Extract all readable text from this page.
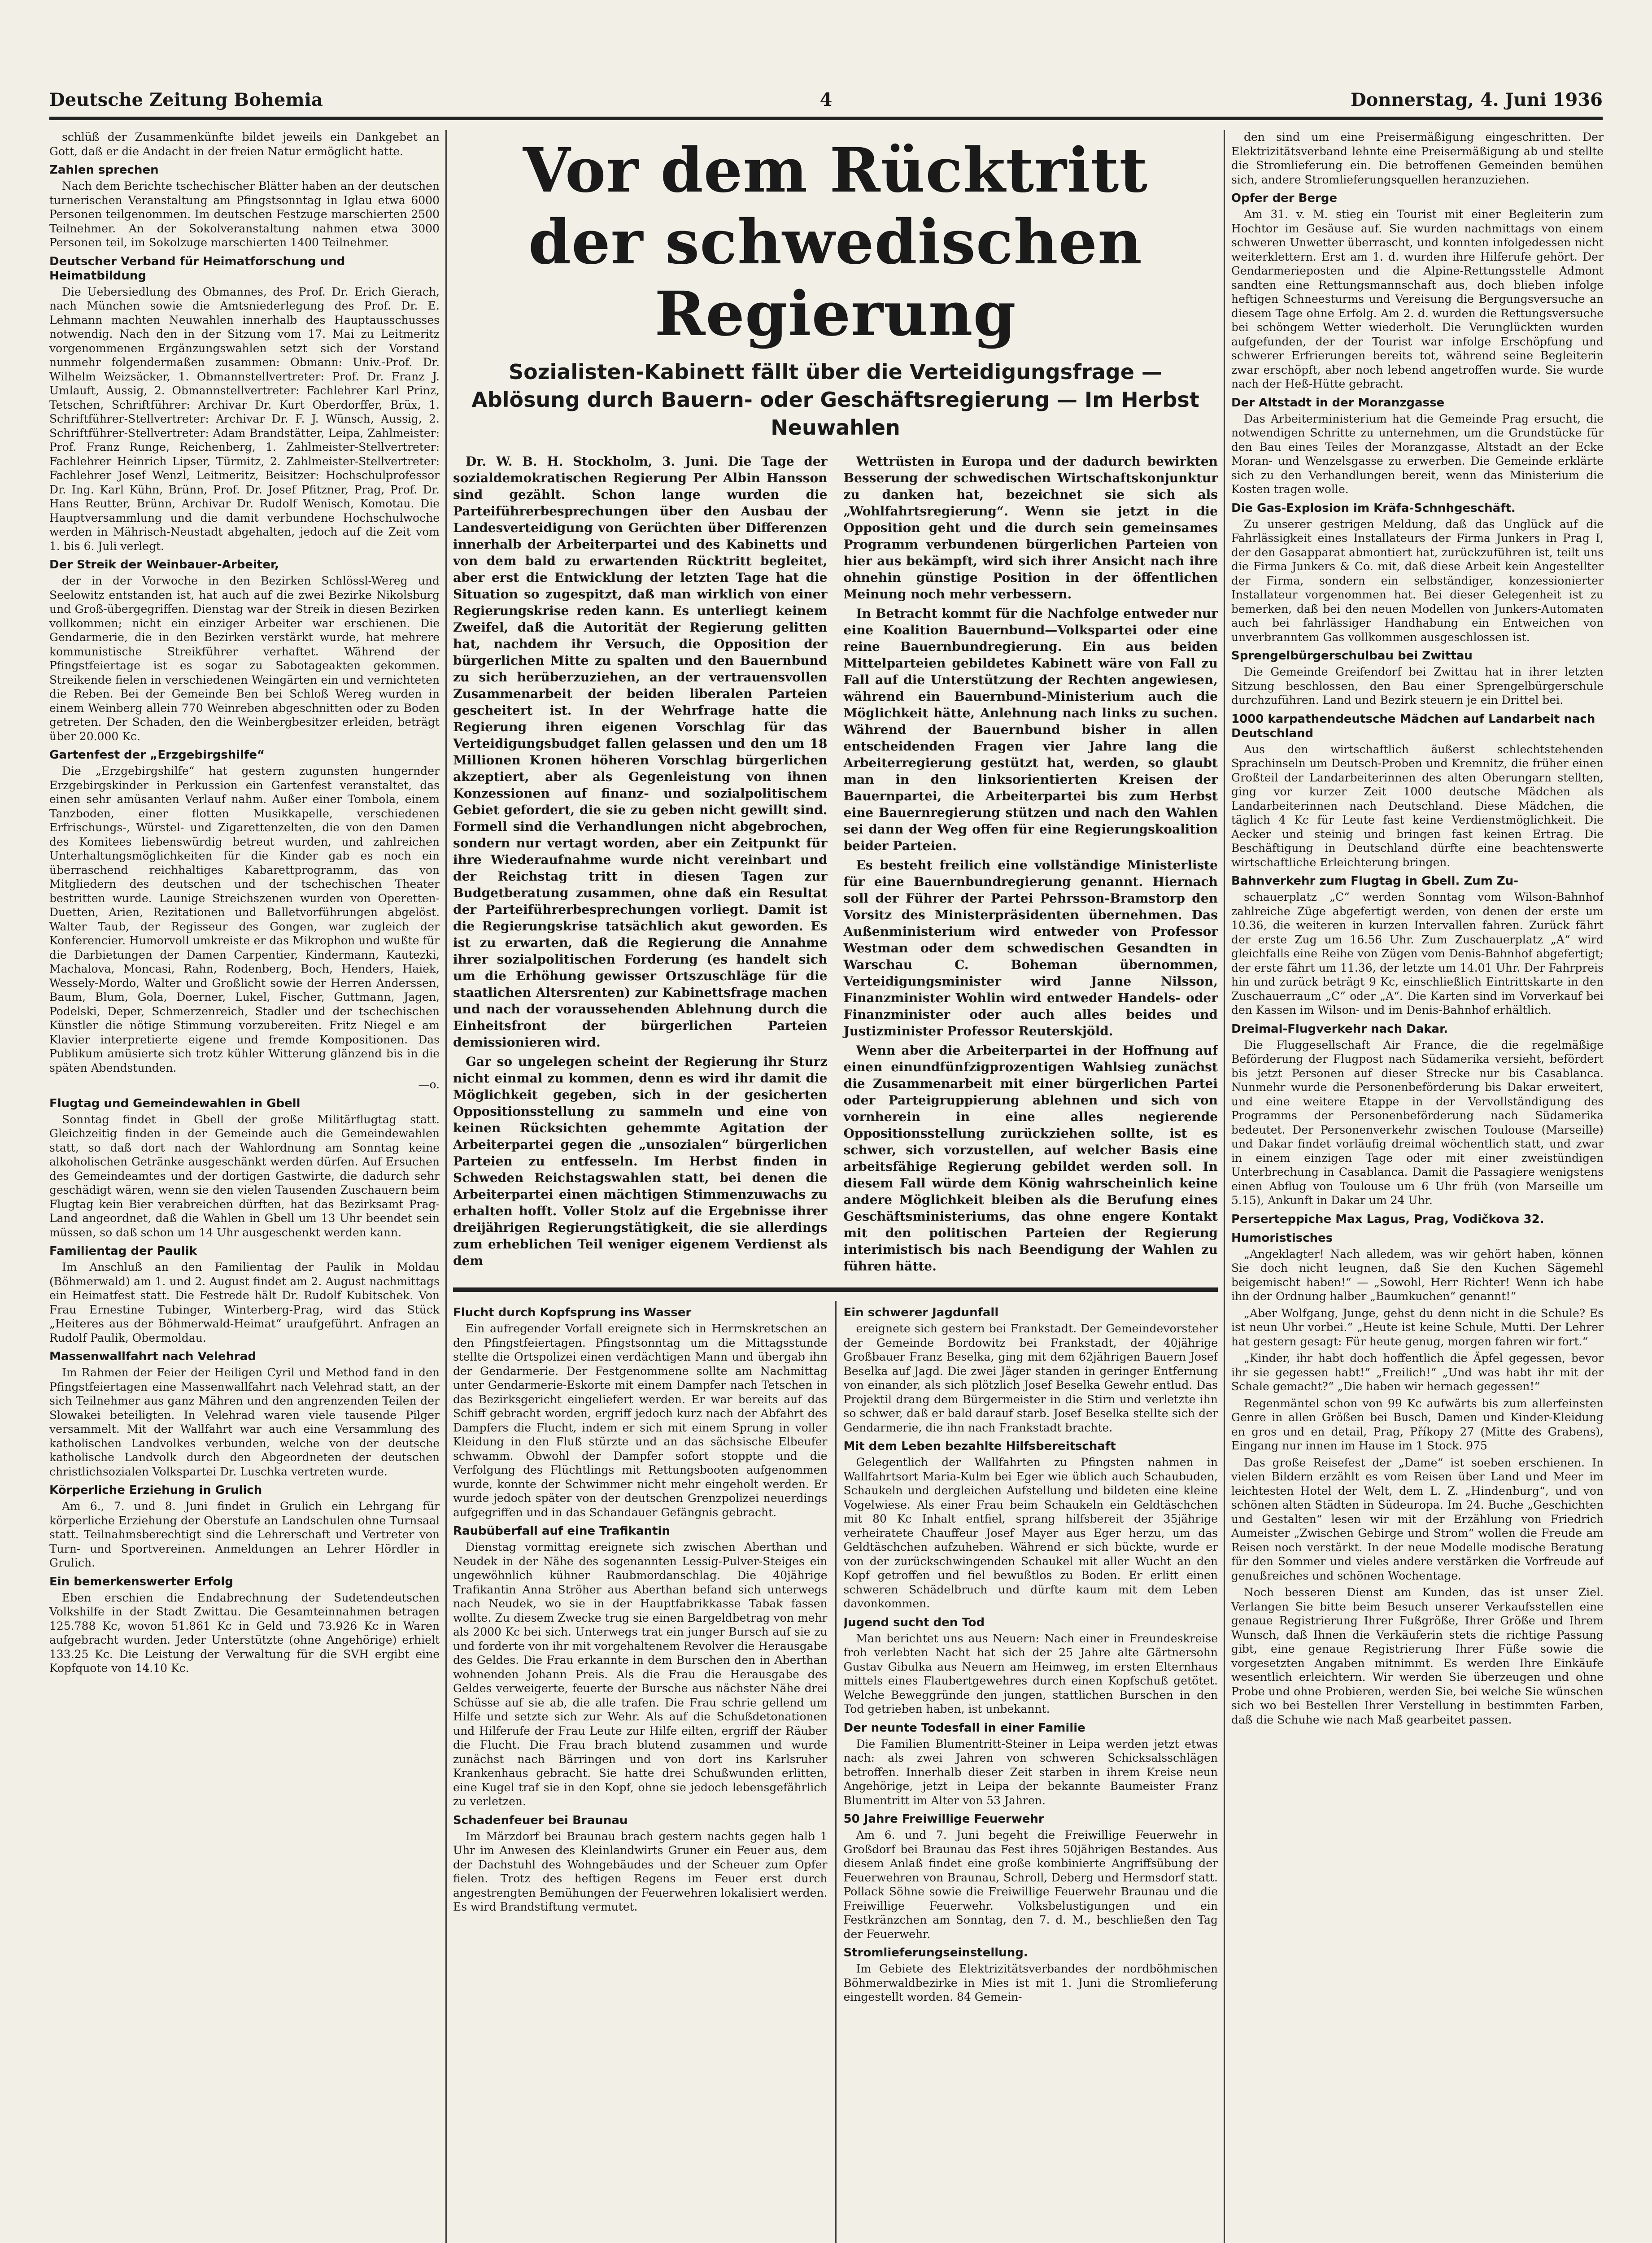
Deutsche Zeitung Bohemia	4	Donnerstag, 4. Juni 1936

schlüß der Zusammenkünfte bildet jeweils ein Dankgebet an Gott, daß er die Andacht in der freien Natur ermöglicht hatte.

Zahlen sprechen

Nach dem Berichte tschechischer Blätter haben an der deutschen turnerischen Veranstaltung am Pfingstsonntag in Iglau etwa 6000 Personen teilgenommen. Im deutschen Festzuge marschierten 2500 Teilnehmer. An der Sokolveranstaltung nahmen etwa 3000 Personen teil, im Sokolzuge marschierten 1400 Teilnehmer.

Deutscher Verband für Heimatforschung und Heimatbildung

Die Uebersiedlung des Obmannes, des Prof. Dr. Erich Gierach, nach München sowie die Amtsniederlegung des Prof. Dr. E. Lehmann machten Neuwahlen innerhalb des Hauptausschusses notwendig. Nach den in der Sitzung vom 17. Mai zu Leitmeritz vorgenommenen Ergänzungswahlen setzt sich der Vorstand nunmehr folgendermaßen zusammen: Obmann: Univ.-Prof. Dr. Wilhelm Weizsäcker, 1. Obmannstellvertreter: Prof. Dr. Franz J. Umlauft, Aussig, 2. Obmannstellvertreter: Fachlehrer Karl Prinz, Tetschen, Schriftführer: Archivar Dr. Kurt Oberdorffer, Brüx, 1. Schriftführer-Stellvertreter: Archivar Dr. F. J. Wünsch, Aussig, 2. Schriftführer-Stellvertreter: Adam Brandstätter, Leipa, Zahlmeister: Prof. Franz Runge, Reichenberg, 1. Zahlmeister-Stellvertreter: Fachlehrer Heinrich Lipser, Türmitz, 2. Zahlmeister-Stellvertreter: Fachlehrer Josef Wenzl, Leitmeritz, Beisitzer: Hochschulprofessor Dr. Ing. Karl Kühn, Brünn, Prof. Dr. Josef Pfitzner, Prag, Prof. Dr. Hans Reutter, Brünn, Archivar Dr. Rudolf Wenisch, Komotau. Die Hauptversammlung und die damit verbundene Hochschulwoche werden in Mährisch-Neustadt abgehalten, jedoch auf die Zeit vom 1. bis 6. Juli verlegt.

Der Streik der Weinbauer-Arbeiter,

der in der Vorwoche in den Bezirken Schlössl-Wereg und Seelowitz entstanden ist, hat auch auf die zwei Bezirke Nikolsburg und Groß-übergegriffen. Dienstag war der Streik in diesen Bezirken vollkommen; nicht ein einziger Arbeiter war erschienen. Die Gendarmerie, die in den Bezirken verstärkt wurde, hat mehrere kommunistische Streikführer verhaftet. Während der Pfingstfeiertage ist es sogar zu Sabotageakten gekommen. Streikende fielen in verschiedenen Weingärten ein und vernichteten die Reben. Bei der Gemeinde Ben bei Schloß Wereg wurden in einem Weinberg allein 770 Weinreben abgeschnitten oder zu Boden getreten. Der Schaden, den die Weinbergbesitzer erleiden, beträgt über 20.000 Kc.

Gartenfest der „Erzgebirgshilfe“

Die „Erzgebirgshilfe“ hat gestern zugunsten hungernder Erzgebirgskinder in Perkussion ein Gartenfest veranstaltet, das einen sehr amüsanten Verlauf nahm. Außer einer Tombola, einem Tanzboden, einer flotten Musikkapelle, verschiedenen Erfrischungs-, Würstel- und Zigarettenzelten, die von den Damen des Komitees liebenswürdig betreut wurden, und zahlreichen Unterhaltungsmöglichkeiten für die Kinder gab es noch ein überraschend reichhaltiges Kabarettprogramm, das von Mitgliedern des deutschen und der tschechischen Theater bestritten wurde. Launige Streichszenen wurden von Operetten-Duetten, Arien, Rezitationen und Balletvorführungen abgelöst. Walter Taub, der Regisseur des Gongen, war zugleich der Konferencier. Humorvoll umkreiste er das Mikrophon und wußte für die Darbietungen der Damen Carpentier, Kindermann, Kautezki, Machalova, Moncasi, Rahn, Rodenberg, Boch, Henders, Haiek, Wessely-Mordo, Walter und Großlicht sowie der Herren Anderssen, Baum, Blum, Gola, Doerner, Lukel, Fischer, Guttmann, Jagen, Podelski, Deper, Schmerzenreich, Stadler und der tschechischen Künstler die nötige Stimmung vorzubereiten. Fritz Niegel e am Klavier interpretierte eigene und fremde Kompositionen. Das Publikum amüsierte sich trotz kühler Witterung glänzend bis in die späten Abendstunden.

—o.

Flugtag und Gemeindewahlen in Gbell

Sonntag findet in Gbell der große Militärflugtag statt. Gleichzeitig finden in der Gemeinde auch die Gemeindewahlen statt, so daß dort nach der Wahlordnung am Sonntag keine alkoholischen Getränke ausgeschänkt werden dürfen. Auf Ersuchen des Gemeindeamtes und der dortigen Gastwirte, die dadurch sehr geschädigt wären, wenn sie den vielen Tausenden Zuschauern beim Flugtag kein Bier verabreichen dürften, hat das Bezirksamt Prag-Land angeordnet, daß die Wahlen in Gbell um 13 Uhr beendet sein müssen, so daß schon um 14 Uhr ausgeschenkt werden kann.

Familientag der Paulik

Im Anschluß an den Familientag der Paulik in Moldau (Böhmerwald) am 1. und 2. August findet am 2. August nachmittags ein Heimatfest statt. Die Festrede hält Dr. Rudolf Kubitschek. Von Frau Ernestine Tubinger, Winterberg-Prag, wird das Stück „Heiteres aus der Böhmerwald-Heimat“ uraufgeführt. Anfragen an Rudolf Paulik, Obermoldau.

Massenwallfahrt nach Velehrad

Im Rahmen der Feier der Heiligen Cyril und Method fand in den Pfingstfeiertagen eine Massenwallfahrt nach Velehrad statt, an der sich Teilnehmer aus ganz Mähren und den angrenzenden Teilen der Slowakei beteiligten. In Velehrad waren viele tausende Pilger versammelt. Mit der Wallfahrt war auch eine Versammlung des katholischen Landvolkes verbunden, welche von der deutsche katholische Landvolk durch den Abgeordneten der deutschen christlichsozialen Volkspartei Dr. Luschka vertreten wurde.

Körperliche Erziehung in Grulich

Am 6., 7. und 8. Juni findet in Grulich ein Lehrgang für körperliche Erziehung der Oberstufe an Landschulen ohne Turnsaal statt. Teilnahmsberechtigt sind die Lehrerschaft und Vertreter von Turn- und Sportvereinen. Anmeldungen an Lehrer Hördler in Grulich.

Ein bemerkenswerter Erfolg

Eben erschien die Endabrechnung der Sudetendeutschen Volkshilfe in der Stadt Zwittau. Die Gesamteinnahmen betragen 125.788 Kc, wovon 51.861 Kc in Geld und 73.926 Kc in Waren aufgebracht wurden. Jeder Unterstützte (ohne Angehörige) erhielt 133.25 Kc. Die Leistung der Verwaltung für die SVH ergibt eine Kopfquote von 14.10 Kc.

Vor dem Rücktritt
der schwedischen Regierung
Sozialisten-Kabinett fällt über die Verteidigungsfrage — Ablösung durch Bauern- oder Geschäftsregierung — Im Herbst Neuwahlen

Dr. W. B. H. Stockholm, 3. Juni. Die Tage der sozialdemokratischen Regierung Per Albin Hansson sind gezählt. Schon lange wurden die Parteiführerbesprechungen über den Ausbau der Landesverteidigung von Gerüchten über Differenzen innerhalb der Arbeiterpartei und des Kabinetts und von dem bald zu erwartenden Rücktritt begleitet, aber erst die Entwicklung der letzten Tage hat die Situation so zugespitzt, daß man wirklich von einer Regierungskrise reden kann. Es unterliegt keinem Zweifel, daß die Autorität der Regierung gelitten hat, nachdem ihr Versuch, die Opposition der bürgerlichen Mitte zu spalten und den Bauernbund zu sich herüberzuziehen, an der vertrauensvollen Zusammenarbeit der beiden liberalen Parteien gescheitert ist. In der Wehrfrage hatte die Regierung ihren eigenen Vorschlag für das Verteidigungsbudget fallen gelassen und den um 18 Millionen Kronen höheren Vorschlag bürgerlichen akzeptiert, aber als Gegenleistung von ihnen Konzessionen auf finanz- und sozialpolitischem Gebiet gefordert, die sie zu geben nicht gewillt sind. Formell sind die Verhandlungen nicht abgebrochen, sondern nur vertagt worden, aber ein Zeitpunkt für ihre Wiederaufnahme wurde nicht vereinbart und der Reichstag tritt in diesen Tagen zur Budgetberatung zusammen, ohne daß ein Resultat der Parteiführerbesprechungen vorliegt. Damit ist die Regierungskrise tatsächlich akut geworden. Es ist zu erwarten, daß die Regierung die Annahme ihrer sozialpolitischen Forderung (es handelt sich um die Erhöhung gewisser Ortszuschläge für die staatlichen Altersrenten) zur Kabinettsfrage machen und nach der voraussehenden Ablehnung durch die Einheitsfront der bürgerlichen Parteien demissionieren wird.

Gar so ungelegen scheint der Regierung ihr Sturz nicht einmal zu kommen, denn es wird ihr damit die Möglichkeit gegeben, sich in der gesicherten Oppositionsstellung zu sammeln und eine von keinen Rücksichten gehemmte Agitation der Arbeiterpartei gegen die „unsozialen“ bürgerlichen Parteien zu entfesseln. Im Herbst finden in Schweden Reichstagswahlen statt, bei denen die Arbeiterpartei einen mächtigen Stimmenzuwachs zu erhalten hofft. Voller Stolz auf die Ergebnisse ihrer dreijährigen Regierungstätigkeit, die sie allerdings zum erheblichen Teil weniger eigenem Verdienst als dem

Wettrüsten in Europa und der dadurch bewirkten Besserung der schwedischen Wirtschaftskonjunktur zu danken hat, bezeichnet sie sich als „Wohlfahrtsregierung“. Wenn sie jetzt in die Opposition geht und die durch sein gemeinsames Programm verbundenen bürgerlichen Parteien von hier aus bekämpft, wird sich ihrer Ansicht nach ihre ohnehin günstige Position in der öffentlichen Meinung noch mehr verbessern.

In Betracht kommt für die Nachfolge entweder nur eine Koalition Bauernbund—Volkspartei oder eine reine Bauernbundregierung. Ein aus beiden Mittelparteien gebildetes Kabinett wäre von Fall zu Fall auf die Unterstützung der Rechten angewiesen, während ein Bauernbund-Ministerium auch die Möglichkeit hätte, Anlehnung nach links zu suchen. Während der Bauernbund bisher in allen entscheidenden Fragen vier Jahre lang die Arbeiterregierung gestützt hat, werden, so glaubt man in den linksorientierten Kreisen der Bauernpartei, die Arbeiterpartei bis zum Herbst eine Bauernregierung stützen und nach den Wahlen sei dann der Weg offen für eine Regierungskoalition beider Parteien.

Es besteht freilich eine vollständige Ministerliste für eine Bauernbundregierung genannt. Hiernach soll der Führer der Partei Pehrsson-Bramstorp den Vorsitz des Ministerpräsidenten übernehmen. Das Außenministerium wird entweder von Professor Westman oder dem schwedischen Gesandten in Warschau C. Boheman übernommen, Verteidigungsminister wird Janne Nilsson, Finanzminister Wohlin wird entweder Handels- oder Finanzminister oder auch alles beides und Justizminister Professor Reuterskjöld.

Wenn aber die Arbeiterpartei in der Hoffnung auf einen einundfünfzigprozentigen Wahlsieg zunächst die Zusammenarbeit mit einer bürgerlichen Partei oder Parteigruppierung ablehnen und sich von vornherein in eine alles negierende Oppositionsstellung zurückziehen sollte, ist es schwer, sich vorzustellen, auf welcher Basis eine arbeitsfähige Regierung gebildet werden soll. In diesem Fall würde dem König wahrscheinlich keine andere Möglichkeit bleiben als die Berufung eines Geschäftsministeriums, das ohne engere Kontakt mit den politischen Parteien der Regierung interimistisch bis nach Beendigung der Wahlen zu führen hätte.

Flucht durch Kopfsprung ins Wasser

Ein aufregender Vorfall ereignete sich in Herrnskretschen an den Pfingstfeiertagen. Pfingstsonntag um die Mittagsstunde stellte die Ortspolizei einen verdächtigen Mann und übergab ihn der Gendarmerie. Der Festgenommene sollte am Nachmittag unter Gendarmerie-Eskorte mit einem Dampfer nach Tetschen in das Bezirksgericht eingeliefert werden. Er war bereits auf das Schiff gebracht worden, ergriff jedoch kurz nach der Abfahrt des Dampfers die Flucht, indem er sich mit einem Sprung in voller Kleidung in den Fluß stürzte und an das sächsische Elbeufer schwamm. Obwohl der Dampfer sofort stoppte und die Verfolgung des Flüchtlings mit Rettungsbooten aufgenommen wurde, konnte der Schwimmer nicht mehr eingeholt werden. Er wurde jedoch später von der deutschen Grenzpolizei neuerdings aufgegriffen und in das Schandauer Gefängnis gebracht.

Raubüberfall auf eine Trafikantin

Dienstag vormittag ereignete sich zwischen Aberthan und Neudek in der Nähe des sogenannten Lessig-Pulver-Steiges ein ungewöhnlich kühner Raubmordanschlag. Die 40jährige Trafikantin Anna Ströher aus Aberthan befand sich unterwegs nach Neudek, wo sie in der Hauptfabrikkasse Tabak fassen wollte. Zu diesem Zwecke trug sie einen Bargeldbetrag von mehr als 2000 Kc bei sich. Unterwegs trat ein junger Bursch auf sie zu und forderte von ihr mit vorgehaltenem Revolver die Herausgabe des Geldes. Die Frau erkannte in dem Burschen den in Aberthan wohnenden Johann Preis. Als die Frau die Herausgabe des Geldes verweigerte, feuerte der Bursche aus nächster Nähe drei Schüsse auf sie ab, die alle trafen. Die Frau schrie gellend um Hilfe und setzte sich zur Wehr. Als auf die Schußdetonationen und Hilferufe der Frau Leute zur Hilfe eilten, ergriff der Räuber die Flucht. Die Frau brach blutend zusammen und wurde zunächst nach Bärringen und von dort ins Karlsruher Krankenhaus gebracht. Sie hatte drei Schußwunden erlitten, eine Kugel traf sie in den Kopf, ohne sie jedoch lebensgefährlich zu verletzen.

Schadenfeuer bei Braunau

Im Märzdorf bei Braunau brach gestern nachts gegen halb 1 Uhr im Anwesen des Kleinlandwirts Gruner ein Feuer aus, dem der Dachstuhl des Wohngebäudes und der Scheuer zum Opfer fielen. Trotz des heftigen Regens im Feuer erst durch angestrengten Bemühungen der Feuerwehren lokalisiert werden. Es wird Brandstiftung vermutet.

Ein schwerer Jagdunfall

ereignete sich gestern bei Frankstadt. Der Gemeindevorsteher der Gemeinde Bordowitz bei Frankstadt, der 40jährige Großbauer Franz Beselka, ging mit dem 62jährigen Bauern Josef Beselka auf Jagd. Die zwei Jäger standen in geringer Entfernung von einander, als sich plötzlich Josef Beselka Gewehr entlud. Das Projektil drang dem Bürgermeister in die Stirn und verletzte ihn so schwer, daß er bald darauf starb. Josef Beselka stellte sich der Gendarmerie, die ihn nach Frankstadt brachte.

Mit dem Leben bezahlte Hilfsbereitschaft

Gelegentlich der Wallfahrten zu Pfingsten nahmen in Wallfahrtsort Maria-Kulm bei Eger wie üblich auch Schaubuden, Schaukeln und dergleichen Aufstellung und bildeten eine kleine Vogelwiese. Als einer Frau beim Schaukeln ein Geldtäschchen mit 80 Kc Inhalt entfiel, sprang hilfsbereit der 35jährige verheiratete Chauffeur Josef Mayer aus Eger herzu, um das Geldtäschchen aufzuheben. Während er sich bückte, wurde er von der zurückschwingenden Schaukel mit aller Wucht an den Kopf getroffen und fiel bewußtlos zu Boden. Er erlitt einen schweren Schädelbruch und dürfte kaum mit dem Leben davonkommen.

Jugend sucht den Tod

Man berichtet uns aus Neuern: Nach einer in Freundeskreise froh verlebten Nacht hat sich der 25 Jahre alte Gärtnersohn Gustav Gibulka aus Neuern am Heimweg, im ersten Elternhaus mittels eines Flaubertgewehres durch einen Kopfschuß getötet. Welche Beweggründe den jungen, stattlichen Burschen in den Tod getrieben haben, ist unbekannt.

Der neunte Todesfall in einer Familie

Die Familien Blumentritt-Steiner in Leipa werden jetzt etwas nach: als zwei Jahren von schweren Schicksalsschlägen betroffen. Innerhalb dieser Zeit starben in ihrem Kreise neun Angehörige, jetzt in Leipa der bekannte Baumeister Franz Blumentritt im Alter von 53 Jahren.

50 Jahre Freiwillige Feuerwehr

Am 6. und 7. Juni begeht die Freiwillige Feuerwehr in Großdorf bei Braunau das Fest ihres 50jährigen Bestandes. Aus diesem Anlaß findet eine große kombinierte Angriffsübung der Feuerwehren von Braunau, Schroll, Deberg und Hermsdorf statt. Pollack Söhne sowie die Freiwillige Feuerwehr Braunau und die Freiwillige Feuerwehr. Volksbelustigungen und ein Festkränzchen am Sonntag, den 7. d. M., beschließen den Tag der Feuerwehr.

Stromlieferungseinstellung.

Im Gebiete des Elektrizitätsverbandes der nordböhmischen Böhmerwaldbezirke in Mies ist mit 1. Juni die Stromlieferung eingestellt worden. 84 Gemein-

den sind um eine Preisermäßigung eingeschritten. Der Elektrizitätsverband lehnte eine Preisermäßigung ab und stellte die Stromlieferung ein. Die betroffenen Gemeinden bemühen sich, andere Stromlieferungsquellen heranzuziehen.

Opfer der Berge

Am 31. v. M. stieg ein Tourist mit einer Begleiterin zum Hochtor im Gesäuse auf. Sie wurden nachmittags von einem schweren Unwetter überrascht, und konnten infolgedessen nicht weiterklettern. Erst am 1. d. wurden ihre Hilferufe gehört. Der Gendarmerieposten und die Alpine-Rettungsstelle Admont sandten eine Rettungsmannschaft aus, doch blieben infolge heftigen Schneesturms und Vereisung die Bergungsversuche an diesem Tage ohne Erfolg. Am 2. d. wurden die Rettungsversuche bei schöngem Wetter wiederholt. Die Verunglückten wurden aufgefunden, der der Tourist war infolge Erschöpfung und schwerer Erfrierungen bereits tot, während seine Begleiterin zwar erschöpft, aber noch lebend angetroffen wurde. Sie wurde nach der Heß-Hütte gebracht.

Der Altstadt in der Moranzgasse

Das Arbeiterministerium hat die Gemeinde Prag ersucht, die notwendigen Schritte zu unternehmen, um die Grundstücke für den Bau eines Teiles der Moranzgasse, Altstadt an der Ecke Moran- und Wenzelsgasse zu erwerben. Die Gemeinde erklärte sich zu den Verhandlungen bereit, wenn das Ministerium die Kosten tragen wolle.

Die Gas-Explosion im Kräfa-Schnhgeschäft.

Zu unserer gestrigen Meldung, daß das Unglück auf die Fahrlässigkeit eines Installateurs der Firma Junkers in Prag I, der den Gasapparat abmontiert hat, zurückzuführen ist, teilt uns die Firma Junkers & Co. mit, daß diese Arbeit kein Angestellter der Firma, sondern ein selbständiger, konzessionierter Installateur vorgenommen hat. Bei dieser Gelegenheit ist zu bemerken, daß bei den neuen Modellen von Junkers-Automaten auch bei fahrlässiger Handhabung ein Entweichen von unverbranntem Gas vollkommen ausgeschlossen ist.

Sprengelbürgerschulbau bei Zwittau

Die Gemeinde Greifendorf bei Zwittau hat in ihrer letzten Sitzung beschlossen, den Bau einer Sprengelbürgerschule durchzuführen. Land und Bezirk steuern je ein Drittel bei.

1000 karpathendeutsche Mädchen auf Landarbeit nach Deutschland

Aus den wirtschaftlich äußerst schlechtstehenden Sprachinseln um Deutsch-Proben und Kremnitz, die früher einen Großteil der Landarbeiterinnen des alten Oberungarn stellten, ging vor kurzer Zeit 1000 deutsche Mädchen als Landarbeiterinnen nach Deutschland. Diese Mädchen, die täglich 4 Kc für Leute fast keine Verdienstmöglichkeit. Die Aecker und steinig und bringen fast keinen Ertrag. Die Beschäftigung in Deutschland dürfte eine beachtenswerte wirtschaftliche Erleichterung bringen.

Bahnverkehr zum Flugtag in Gbell. Zum Zu-

schauerplatz „C“ werden Sonntag vom Wilson-Bahnhof zahlreiche Züge abgefertigt werden, von denen der erste um 10.36, die weiteren in kurzen Intervallen fahren. Zurück fährt der erste Zug um 16.56 Uhr. Zum Zuschauerplatz „A“ wird gleichfalls eine Reihe von Zügen vom Denis-Bahnhof abgefertigt; der erste fährt um 11.36, der letzte um 14.01 Uhr. Der Fahrpreis hin und zurück beträgt 9 Kc, einschließlich Eintrittskarte in den Zuschauerraum „C“ oder „A“. Die Karten sind im Vorverkauf bei den Kassen im Wilson- und im Denis-Bahnhof erhältlich.

Dreimal-Flugverkehr nach Dakar.

Die Fluggesellschaft Air France, die die regelmäßige Beförderung der Flugpost nach Südamerika versieht, befördert bis jetzt Personen auf dieser Strecke nur bis Casablanca. Nunmehr wurde die Personenbeförderung bis Dakar erweitert, und eine weitere Etappe in der Vervollständigung des Programms der Personenbeförderung nach Südamerika bedeutet. Der Personenverkehr zwischen Toulouse (Marseille) und Dakar findet vorläufig dreimal wöchentlich statt, und zwar in einem einzigen Tage oder mit einer zweistündigen Unterbrechung in Casablanca. Damit die Passagiere wenigstens einen Abflug von Toulouse um 6 Uhr früh (von Marseille um 5.15), Ankunft in Dakar um 24 Uhr.

Perserteppiche Max Lagus, Prag, Vodičkova 32.

Humoristisches

„Angeklagter! Nach alledem, was wir gehört haben, können Sie doch nicht leugnen, daß Sie den Kuchen Sägemehl beigemischt haben!“ — „Sowohl, Herr Richter! Wenn ich habe ihn der Ordnung halber „Baumkuchen“ genannt!“

„Aber Wolfgang, Junge, gehst du denn nicht in die Schule? Es ist neun Uhr vorbei.“ „Heute ist keine Schule, Mutti. Der Lehrer hat gestern gesagt: Für heute genug, morgen fahren wir fort.“

„Kinder, ihr habt doch hoffentlich die Äpfel gegessen, bevor ihr sie gegessen habt!“ „Freilich!“ „Und was habt ihr mit der Schale gemacht?“ „Die haben wir hernach gegessen!“

Regenmäntel schon von 99 Kc aufwärts bis zum allerfeinsten Genre in allen Größen bei Busch, Damen und Kinder-Kleidung en gros und en detail, Prag, Příkopy 27 (Mitte des Grabens), Eingang nur innen im Hause im 1 Stock. 975

Das große Reisefest der „Dame“ ist soeben erschienen. In vielen Bildern erzählt es vom Reisen über Land und Meer im leichtesten Hotel der Welt, dem L. Z. „Hindenburg“, und von schönen alten Städten in Südeuropa. Im 24. Buche „Geschichten und Gestalten“ lesen wir mit der Erzählung von Friedrich Aumeister „Zwischen Gebirge und Strom“ wollen die Freude am Reisen noch verstärkt. In der neue Modelle modische Beratung für den Sommer und vieles andere verstärken die Vorfreude auf genußreiches und schönen Wochentage.

Noch besseren Dienst am Kunden, das ist unser Ziel. Verlangen Sie bitte beim Besuch unserer Verkaufsstellen eine genaue Registrierung Ihrer Fußgröße, Ihrer Größe und Ihrem Wunsch, daß Ihnen die Verkäuferin stets die richtige Passung gibt, eine genaue Registrierung Ihrer Füße sowie die vorgesetzten Angaben mitnimmt. Es werden Ihre Einkäufe wesentlich erleichtern. Wir werden Sie überzeugen und ohne Probe und ohne Probieren, werden Sie, bei welche Sie wünschen sich wo bei Bestellen Ihrer Verstellung in bestimmten Farben, daß die Schuhe wie nach Maß gearbeitet passen.
